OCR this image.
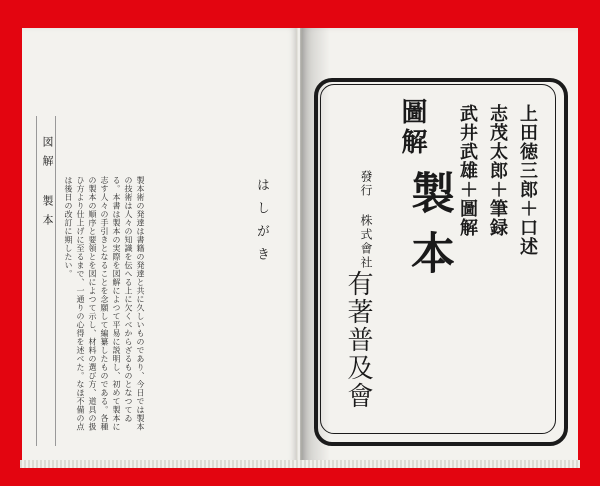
図解 製本	はしがき
製本術の発達は書籍の発達と共に久しいものであり、今日では製本の技術は人々の知識を伝へる上に欠くべからざるものとなつてゐる。本書は製本の実際を図解によつて平易に説明し、初めて製本に志す人々の手引きとなることを念願して編纂したものである。各種の製本の順序と要領とを図によつて示し、材料の選び方、道具の扱ひ方より仕上げに至るまで、一通りの心得を述べた。なほ不備の点は後日の改訂に期したい。	上田徳三郎＋口述
志茂太郎＋筆録
武井武雄＋圖解
圖解
製本
發行 株式會社
有著普及會
